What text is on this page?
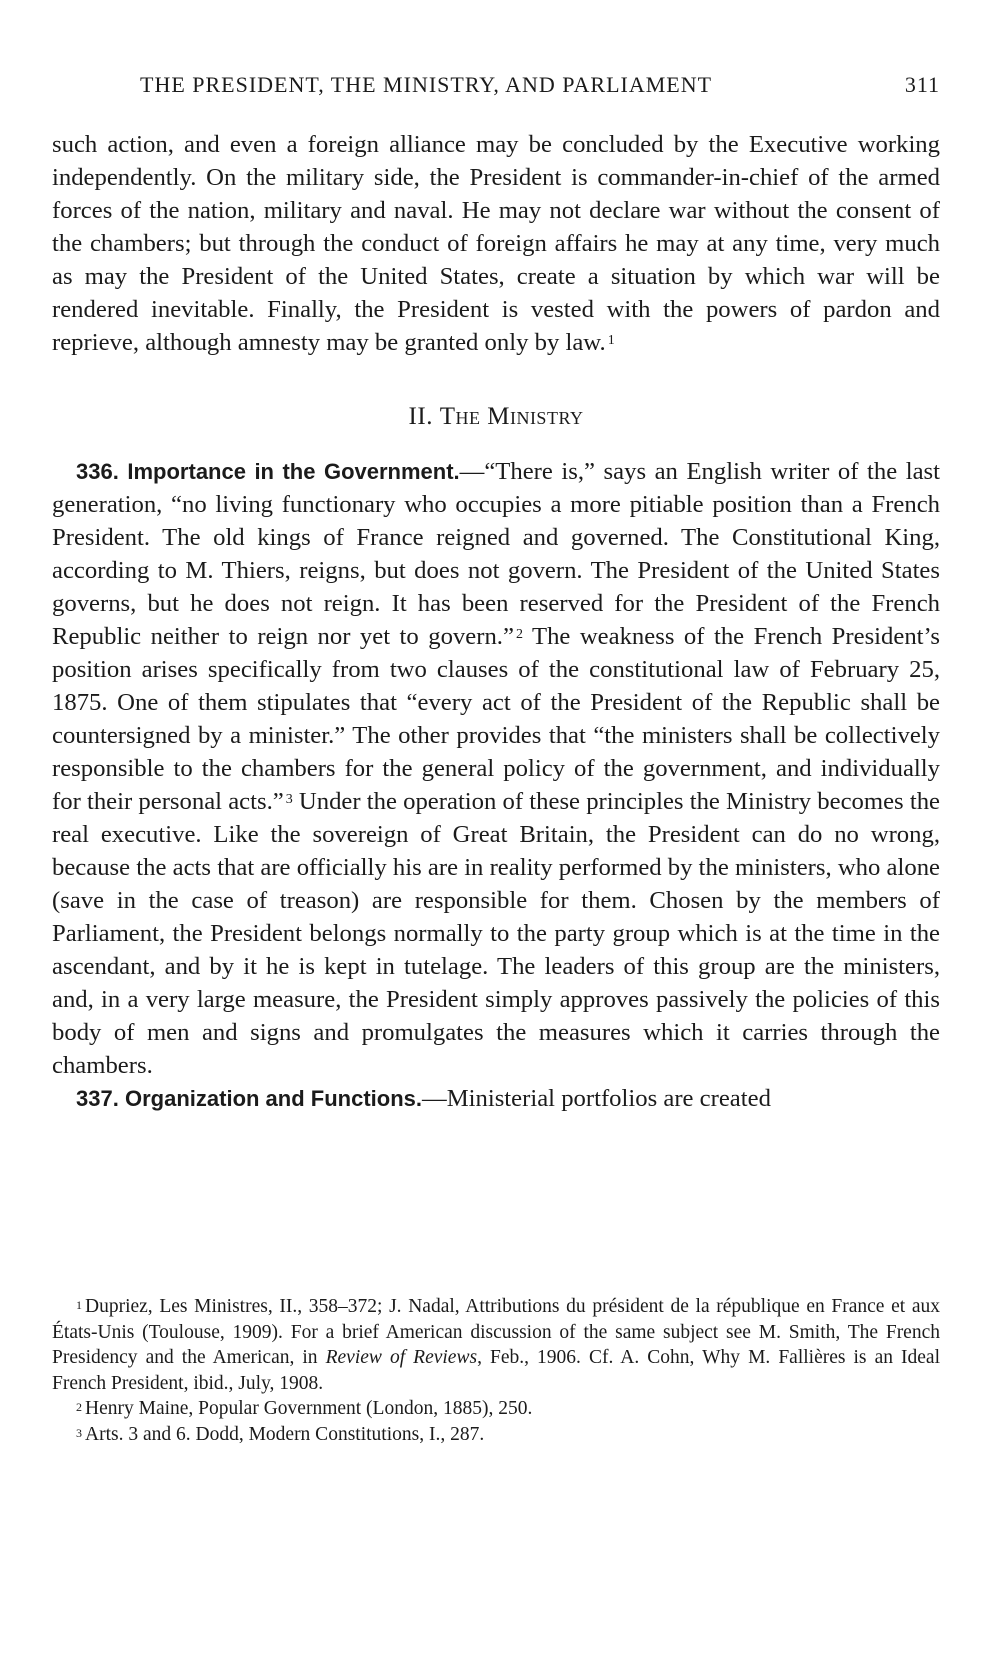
THE PRESIDENT, THE MINISTRY, AND PARLIAMENT	311

such action, and even a foreign alliance may be concluded by the Executive working independently. On the military side, the President is commander-in-chief of the armed forces of the nation, military and naval. He may not declare war without the consent of the chambers; but through the conduct of foreign affairs he may at any time, very much as may the President of the United States, create a situation by which war will be rendered inevitable. Finally, the President is vested with the powers of pardon and reprieve, although amnesty may be granted only by law. $^1$

II. The Ministry

336. Importance in the Government.—“There is,” says an English writer of the last generation, “no living functionary who occupies a more pitiable position than a French President. The old kings of France reigned and governed. The Constitutional King, according to M. Thiers, reigns, but does not govern. The President of the United States governs, but he does not reign. It has been reserved for the President of the French Republic neither to reign nor yet to govern.” $^2$ The weakness of the French President’s position arises specifically from two clauses of the constitutional law of February 25, 1875. One of them stipulates that “every act of the President of the Republic shall be countersigned by a minister.” The other provides that “the ministers shall be collectively responsible to the chambers for the general policy of the government, and individually for their personal acts.” $^3$ Under the operation of these principles the Ministry becomes the real executive. Like the sovereign of Great Britain, the President can do no wrong, because the acts that are officially his are in reality performed by the ministers, who alone (save in the case of treason) are responsible for them. Chosen by the members of Parliament, the President belongs normally to the party group which is at the time in the ascendant, and by it he is kept in tutelage. The leaders of this group are the ministers, and, in a very large measure, the President simply approves passively the policies of this body of men and signs and promulgates the measures which it carries through the chambers.

337. Organization and Functions.—Ministerial portfolios are created

$^1$ Dupriez, Les Ministres, II., 358–372; J. Nadal, Attributions du président de la république en France et aux États-Unis (Toulouse, 1909). For a brief American discussion of the same subject see M. Smith, The French Presidency and the American, in Review of Reviews, Feb., 1906. Cf. A. Cohn, Why M. Fallières is an Ideal French President, ibid., July, 1908.

$^2$ Henry Maine, Popular Government (London, 1885), 250.

$^3$ Arts. 3 and 6. Dodd, Modern Constitutions, I., 287.
